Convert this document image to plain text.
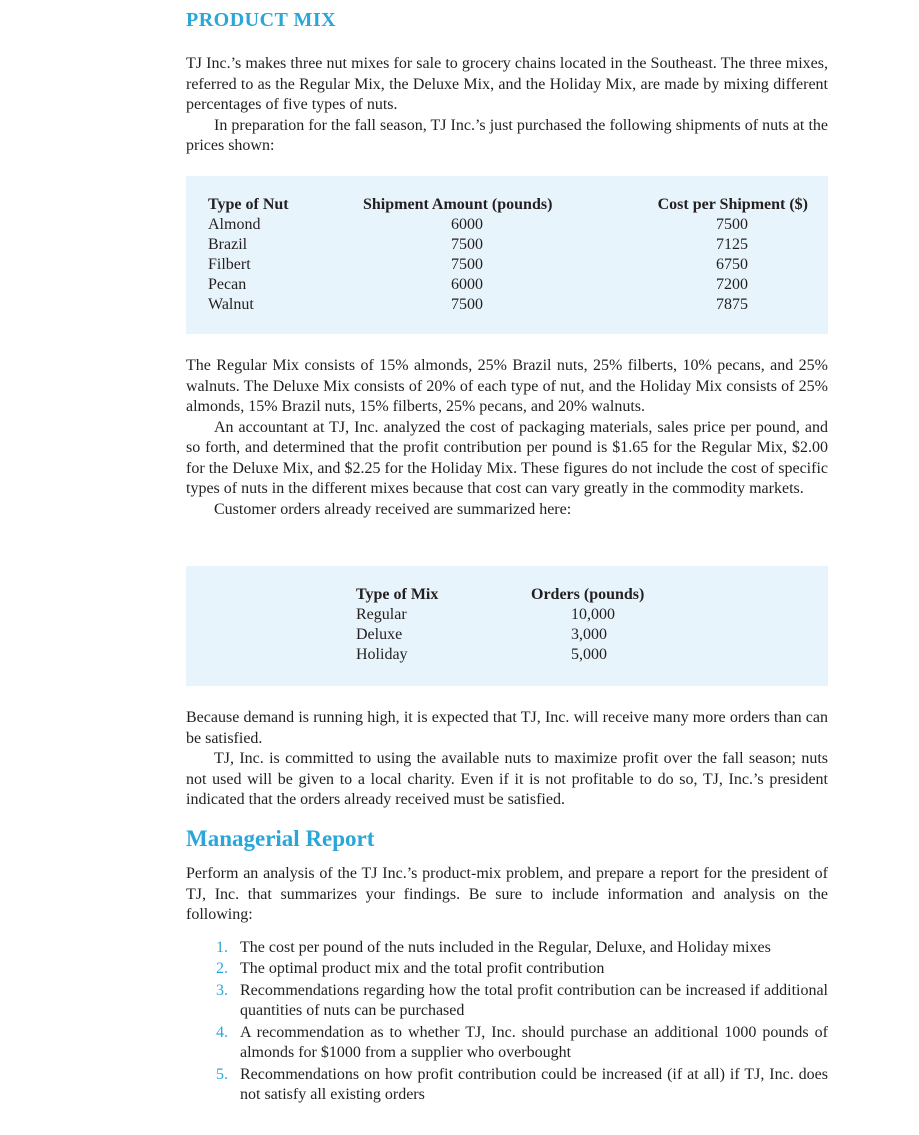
PRODUCT MIX

TJ Inc.’s makes three nut mixes for sale to grocery chains located in the Southeast. The three mixes, referred to as the Regular Mix, the Deluxe Mix, and the Holiday Mix, are made by mixing different percentages of five types of nuts.

In preparation for the fall season, TJ Inc.’s just purchased the following shipments of nuts at the prices shown:

Type of Nut	Shipment Amount (pounds)	Cost per Shipment ($)
Almond	6000	7500
Brazil	7500	7125
Filbert	7500	6750
Pecan	6000	7200
Walnut	7500	7875

The Regular Mix consists of 15% almonds, 25% Brazil nuts, 25% filberts, 10% pecans, and 25% walnuts. The Deluxe Mix consists of 20% of each type of nut, and the Holiday Mix consists of 25% almonds, 15% Brazil nuts, 15% filberts, 25% pecans, and 20% walnuts.

An accountant at TJ, Inc. analyzed the cost of packaging materials, sales price per pound, and so forth, and determined that the profit contribution per pound is $1.65 for the Regular Mix, $2.00 for the Deluxe Mix, and $2.25 for the Holiday Mix. These figures do not include the cost of specific types of nuts in the different mixes because that cost can vary greatly in the commodity markets.

Customer orders already received are summarized here:

Type of Mix	Orders (pounds)
Regular	10,000
Deluxe	3,000
Holiday	5,000

Because demand is running high, it is expected that TJ, Inc. will receive many more orders than can be satisfied.

TJ, Inc. is committed to using the available nuts to maximize profit over the fall season; nuts not used will be given to a local charity. Even if it is not profitable to do so, TJ, Inc.’s president indicated that the orders already received must be satisfied.

Managerial Report

Perform an analysis of the TJ Inc.’s product-mix problem, and prepare a report for the president of TJ, Inc. that summarizes your findings. Be sure to include information and analysis on the following:

1. The cost per pound of the nuts included in the Regular, Deluxe, and Holiday mixes
2. The optimal product mix and the total profit contribution
3. Recommendations regarding how the total profit contribution can be increased if additional quantities of nuts can be purchased
4. A recommendation as to whether TJ, Inc. should purchase an additional 1000 pounds of almonds for $1000 from a supplier who overbought
5. Recommendations on how profit contribution could be increased (if at all) if TJ, Inc. does not satisfy all existing orders
